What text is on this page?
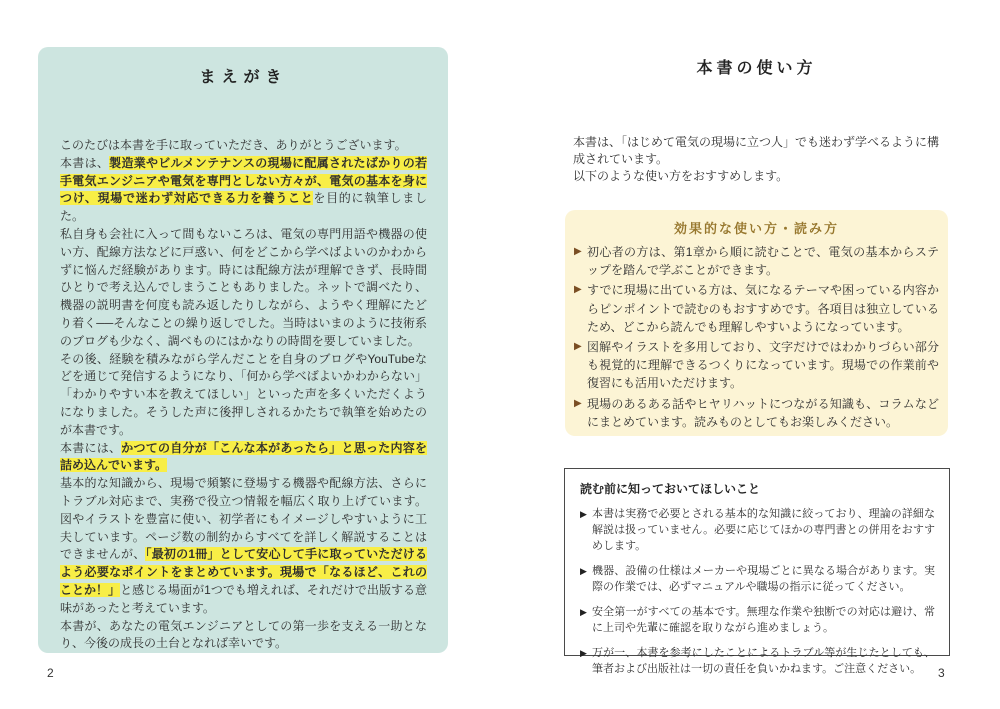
まえがき

このたびは本書を手に取っていただき、ありがとうございます。

本書は、製造業やビルメンテナンスの現場に配属されたばかりの若手電気エンジニアや電気を専門としない方々が、電気の基本を身につけ、現場で迷わず対応できる力を養うことを目的に執筆しました。

私自身も会社に入って間もないころは、電気の専門用語や機器の使い方、配線方法などに戸惑い、何をどこから学べばよいのかわからずに悩んだ経験があります。時には配線方法が理解できず、長時間ひとりで考え込んでしまうこともありました。ネットで調べたり、機器の説明書を何度も読み返したりしながら、ようやく理解にたどり着く──そんなことの繰り返しでした。当時はいまのように技術系のブログも少なく、調べものにはかなりの時間を要していました。

その後、経験を積みながら学んだことを自身のブログやYouTubeなどを通じて発信するようになり、「何から学べばよいかわからない」「わかりやすい本を教えてほしい」といった声を多くいただくようになりました。そうした声に後押しされるかたちで執筆を始めたのが本書です。

本書には、かつての自分が「こんな本があったら」と思った内容を詰め込んでいます。

基本的な知識から、現場で頻繁に登場する機器や配線方法、さらにトラブル対応まで、実務で役立つ情報を幅広く取り上げています。図やイラストを豊富に使い、初学者にもイメージしやすいように工夫しています。ページ数の制約からすべてを詳しく解説することはできませんが、「最初の1冊」として安心して手に取っていただけるよう必要なポイントをまとめています。現場で「なるほど、これのことか！」と感じる場面が1つでも増えれば、それだけで出版する意味があったと考えています。

本書が、あなたの電気エンジニアとしての第一歩を支える一助となり、今後の成長の土台となれば幸いです。

2
本書の使い方

本書は、「はじめて電気の現場に立つ人」でも迷わず学べるように構成されています。

以下のような使い方をおすすめします。

効果的な使い方・読み方
▶ 初心者の方は、第1章から順に読むことで、電気の基本からステップを踏んで学ぶことができます。
▶ すでに現場に出ている方は、気になるテーマや困っている内容からピンポイントで読むのもおすすめです。各項目は独立しているため、どこから読んでも理解しやすいようになっています。
▶ 図解やイラストを多用しており、文字だけではわかりづらい部分も視覚的に理解できるつくりになっています。現場での作業前や復習にも活用いただけます。
▶ 現場のあるある話やヒヤリハットにつながる知識も、コラムなどにまとめています。読みものとしてもお楽しみください。
読む前に知っておいてほしいこと
▶ 本書は実務で必要とされる基本的な知識に絞っており、理論の詳細な解説は扱っていません。必要に応じてほかの専門書との併用をおすすめします。
▶ 機器、設備の仕様はメーカーや現場ごとに異なる場合があります。実際の作業では、必ずマニュアルや職場の指示に従ってください。
▶ 安全第一がすべての基本です。無理な作業や独断での対応は避け、常に上司や先輩に確認を取りながら進めましょう。
▶ 万が一、本書を参考にしたことによるトラブル等が生じたとしても、筆者および出版社は一切の責任を負いかねます。ご注意ください。	3
